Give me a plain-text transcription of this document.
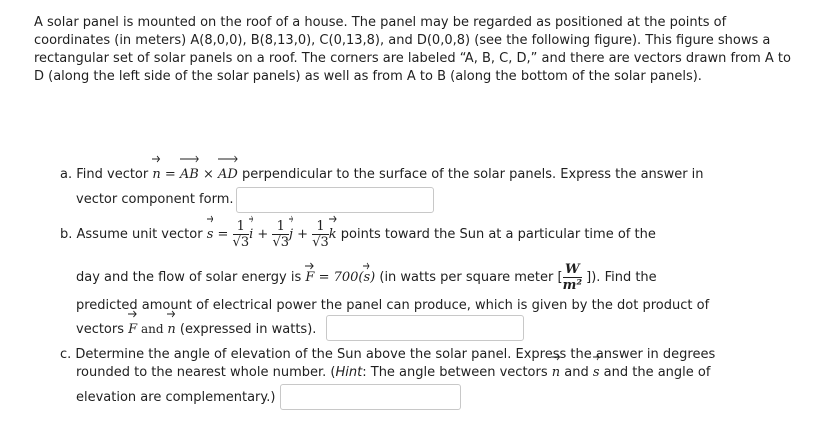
A solar panel is mounted on the roof of a house. The panel may be regarded as positioned at the points of coordinates (in meters) A(8,0,0), B(8,13,0), C(0,13,8), and D(0,0,8) (see the following figure). This figure shows a rectangular set of solar panels on a roof. The corners are labeled “A, B, C, D,” and there are vectors drawn from A to D (along the left side of the solar panels) as well as from A to B (along the bottom of the solar panels).

a. Find vector
n =
AB ×
AD perpendicular to the surface of the solar panels. Express the answer in
vector component form.
b. Assume unit vector
$s = \frac{1}{√3}$ $i + \frac{1}{√3}$ $j + \frac{1}{√3}$ k points toward the Sun at a particular time of the
day and the flow of solar energy is
F = 700(
s) (in watts per square meter [ $\frac{W}{\text{m²}}$ ]). Find the
predicted amount of electrical power the panel can produce, which is given by the dot product of
vectors
F and
n (expressed in watts).
c. Determine the angle of elevation of the Sun above the solar panel. Express the answer in degrees
rounded to the nearest whole number. (Hint: The angle between vectors
n and
s and the angle of
elevation are complementary.)
